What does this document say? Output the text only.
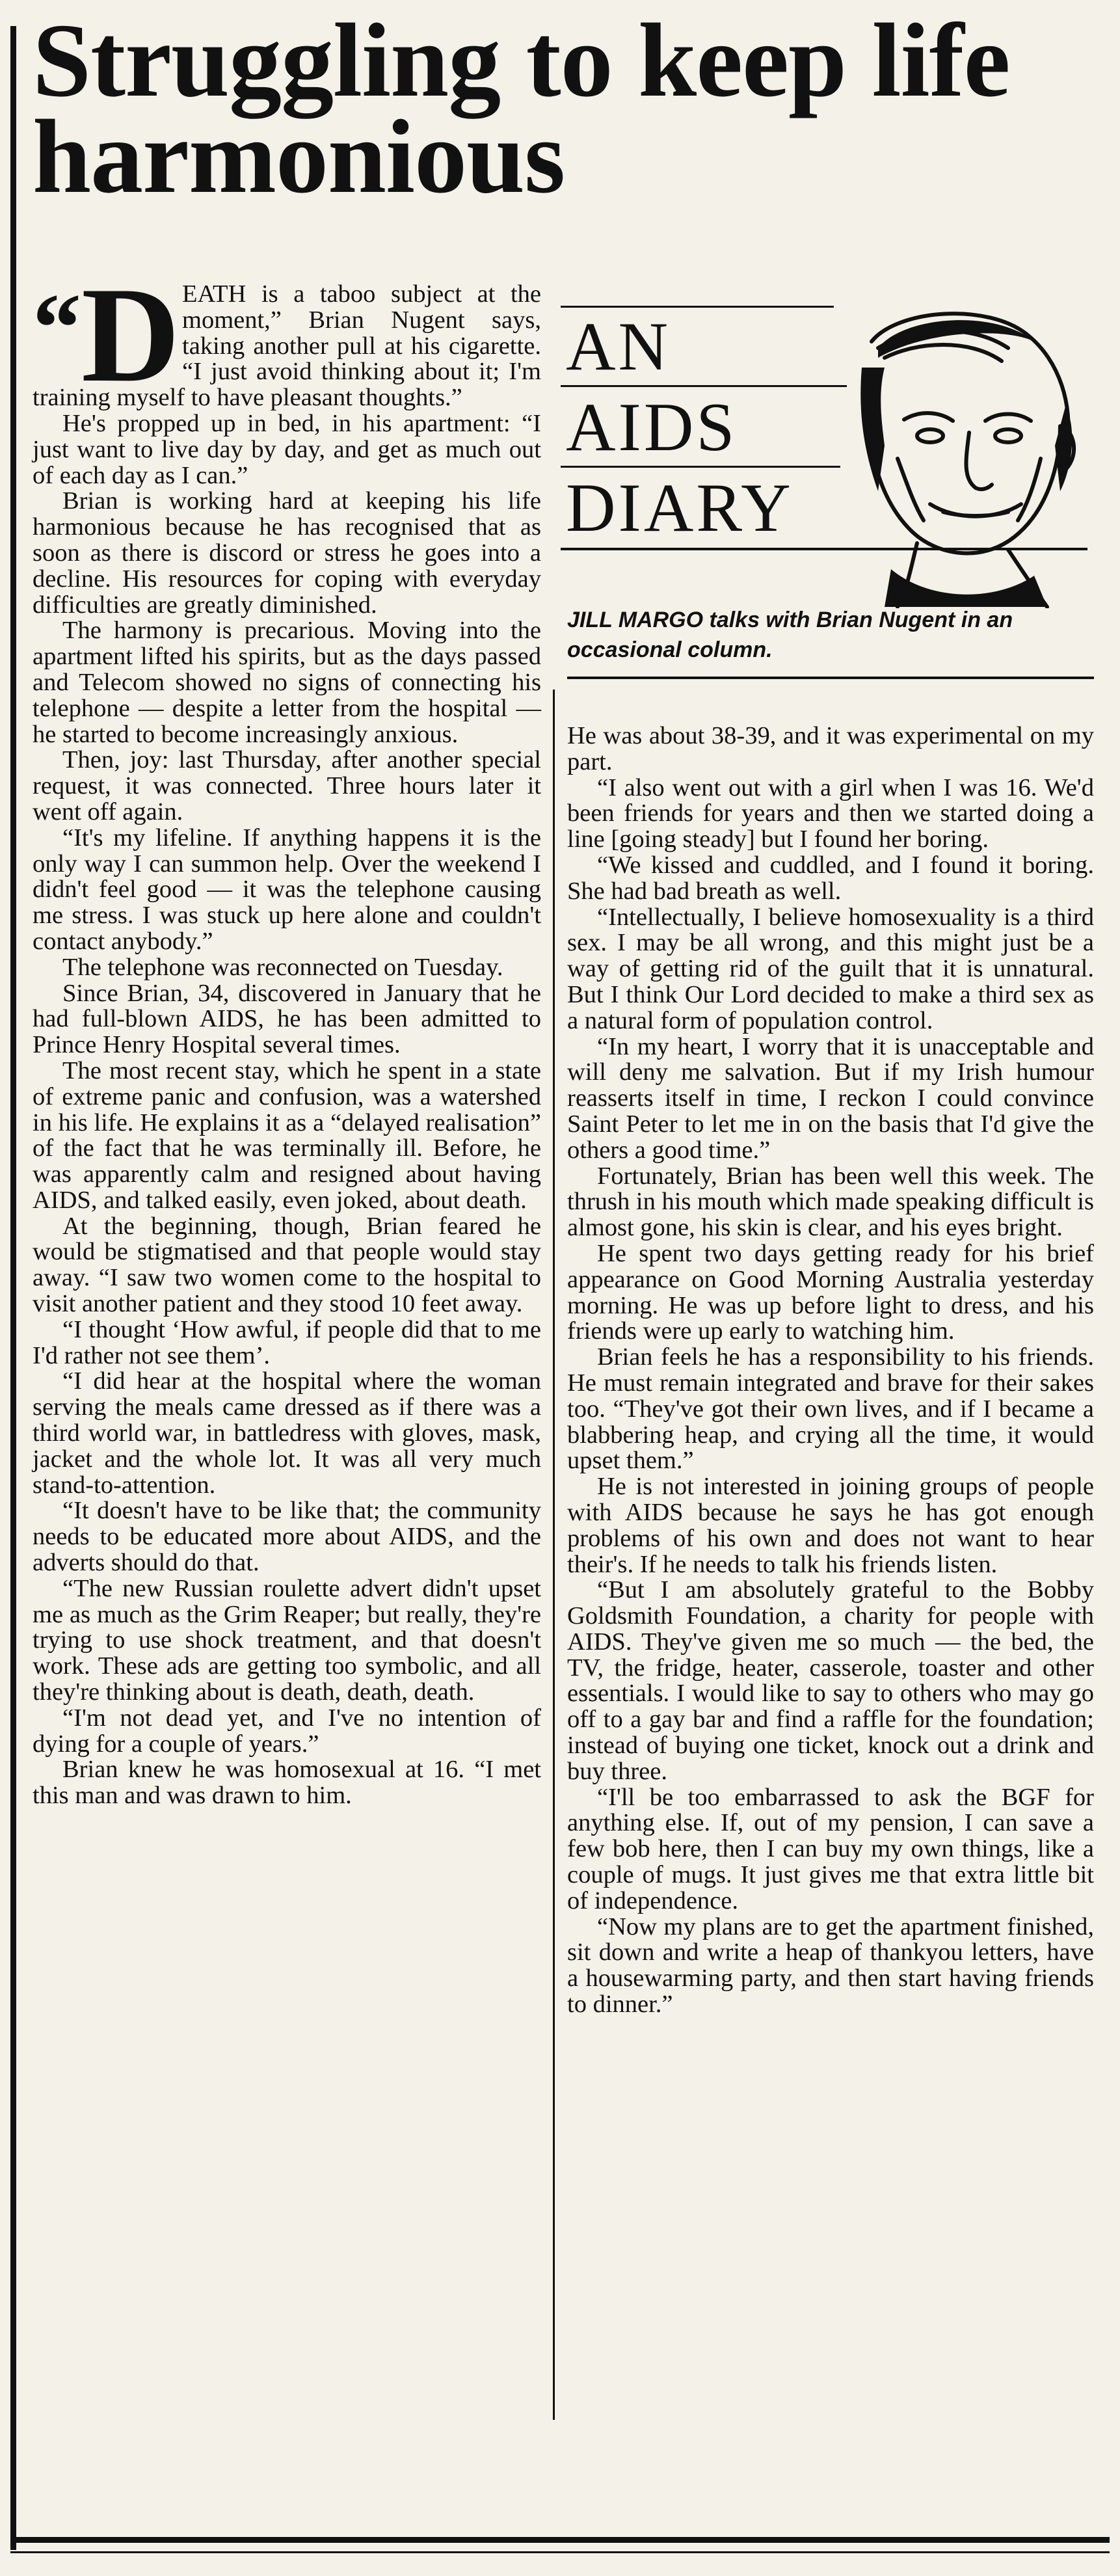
Struggling to keep life harmonious
AN
AIDS
DIARY

JILL MARGO talks with Brian Nugent in an occasional column.

“ D EATH is a taboo subject at the moment,” Brian Nugent says, taking another pull at his cigarette. “I just avoid thinking about it; I'm training myself to have pleasant thoughts.”

He's propped up in bed, in his apartment: “I just want to live day by day, and get as much out of each day as I can.”

Brian is working hard at keeping his life harmonious because he has recognised that as soon as there is discord or stress he goes into a decline. His resources for coping with everyday difficulties are greatly diminished.

The harmony is precarious. Moving into the apartment lifted his spirits, but as the days passed and Telecom showed no signs of connecting his telephone — despite a letter from the hospital — he started to become increasingly anxious.

Then, joy: last Thursday, after another special request, it was connected. Three hours later it went off again.

“It's my lifeline. If anything happens it is the only way I can summon help. Over the weekend I didn't feel good — it was the telephone causing me stress. I was stuck up here alone and couldn't contact anybody.”

The telephone was reconnected on Tuesday.

Since Brian, 34, discovered in January that he had full-blown AIDS, he has been admitted to Prince Henry Hospital several times.

The most recent stay, which he spent in a state of extreme panic and confusion, was a watershed in his life. He explains it as a “delayed realisation” of the fact that he was terminally ill. Before, he was apparently calm and resigned about having AIDS, and talked easily, even joked, about death.

At the beginning, though, Brian feared he would be stigmatised and that people would stay away. “I saw two women come to the hospital to visit another patient and they stood 10 feet away.

“I thought ‘How awful, if people did that to me I'd rather not see them’.

“I did hear at the hospital where the woman serving the meals came dressed as if there was a third world war, in battledress with gloves, mask, jacket and the whole lot. It was all very much stand-to-attention.

“It doesn't have to be like that; the community needs to be educated more about AIDS, and the adverts should do that.

“The new Russian roulette advert didn't upset me as much as the Grim Reaper; but really, they're trying to use shock treatment, and that doesn't work. These ads are getting too symbolic, and all they're thinking about is death, death, death.

“I'm not dead yet, and I've no intention of dying for a couple of years.”

Brian knew he was homosexual at 16. “I met this man and was drawn to him.

He was about 38-39, and it was experimental on my part.

“I also went out with a girl when I was 16. We'd been friends for years and then we started doing a line [going steady] but I found her boring.

“We kissed and cuddled, and I found it boring. She had bad breath as well.

“Intellectually, I believe homosexuality is a third sex. I may be all wrong, and this might just be a way of getting rid of the guilt that it is unnatural. But I think Our Lord decided to make a third sex as a natural form of population control.

“In my heart, I worry that it is unacceptable and will deny me salvation. But if my Irish humour reasserts itself in time, I reckon I could convince Saint Peter to let me in on the basis that I'd give the others a good time.”

Fortunately, Brian has been well this week. The thrush in his mouth which made speaking difficult is almost gone, his skin is clear, and his eyes bright.

He spent two days getting ready for his brief appearance on Good Morning Australia yesterday morning. He was up before light to dress, and his friends were up early to watching him.

Brian feels he has a responsibility to his friends. He must remain integrated and brave for their sakes too. “They've got their own lives, and if I became a blabbering heap, and crying all the time, it would upset them.”

He is not interested in joining groups of people with AIDS because he says he has got enough problems of his own and does not want to hear their's. If he needs to talk his friends listen.

“But I am absolutely grateful to the Bobby Goldsmith Foundation, a charity for people with AIDS. They've given me so much — the bed, the TV, the fridge, heater, casserole, toaster and other essentials. I would like to say to others who may go off to a gay bar and find a raffle for the foundation; instead of buying one ticket, knock out a drink and buy three.

“I'll be too embarrassed to ask the BGF for anything else. If, out of my pension, I can save a few bob here, then I can buy my own things, like a couple of mugs. It just gives me that extra little bit of independence.

“Now my plans are to get the apartment finished, sit down and write a heap of thankyou letters, have a housewarming party, and then start having friends to dinner.”
